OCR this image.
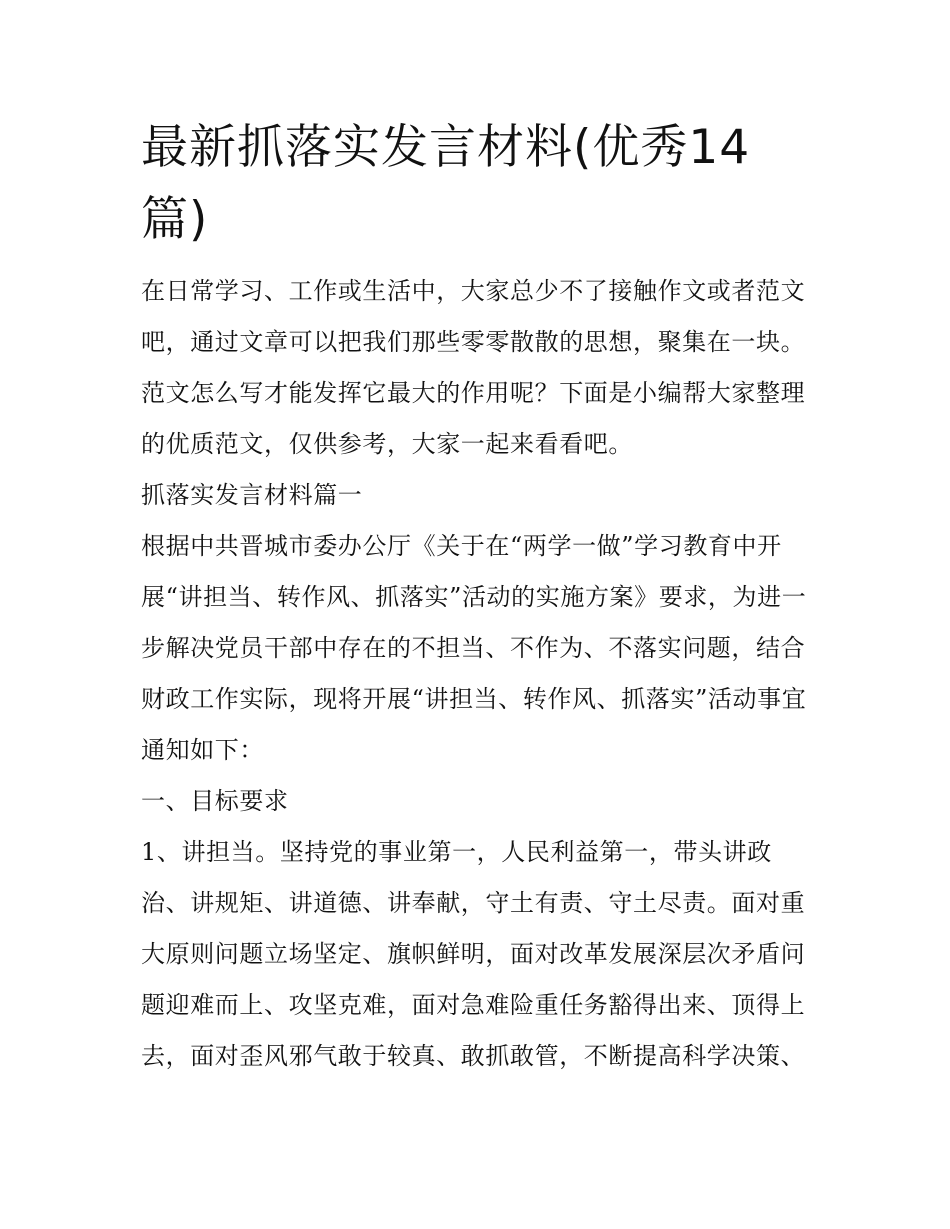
最新抓落实发言材料(优秀14
篇)

在日常学习、工作或生活中，大家总少不了接触作文或者范文
吧，通过文章可以把我们那些零零散散的思想，聚集在一块。
范文怎么写才能发挥它最大的作用呢？下面是小编帮大家整理
的优质范文，仅供参考，大家一起来看看吧。

抓落实发言材料篇一

根据中共晋城市委办公厅《关于在“两学一做”学习教育中开
展“讲担当、转作风、抓落实”活动的实施方案》要求，为进一
步解决党员干部中存在的不担当、不作为、不落实问题，结合
财政工作实际，现将开展“讲担当、转作风、抓落实”活动事宜
通知如下：

一、目标要求

1、讲担当。坚持党的事业第一，人民利益第一，带头讲政
治、讲规矩、讲道德、讲奉献，守土有责、守土尽责。面对重
大原则问题立场坚定、旗帜鲜明，面对改革发展深层次矛盾问
题迎难而上、攻坚克难，面对急难险重任务豁得出来、顶得上
去，面对歪风邪气敢于较真、敢抓敢管，不断提高科学决策、
